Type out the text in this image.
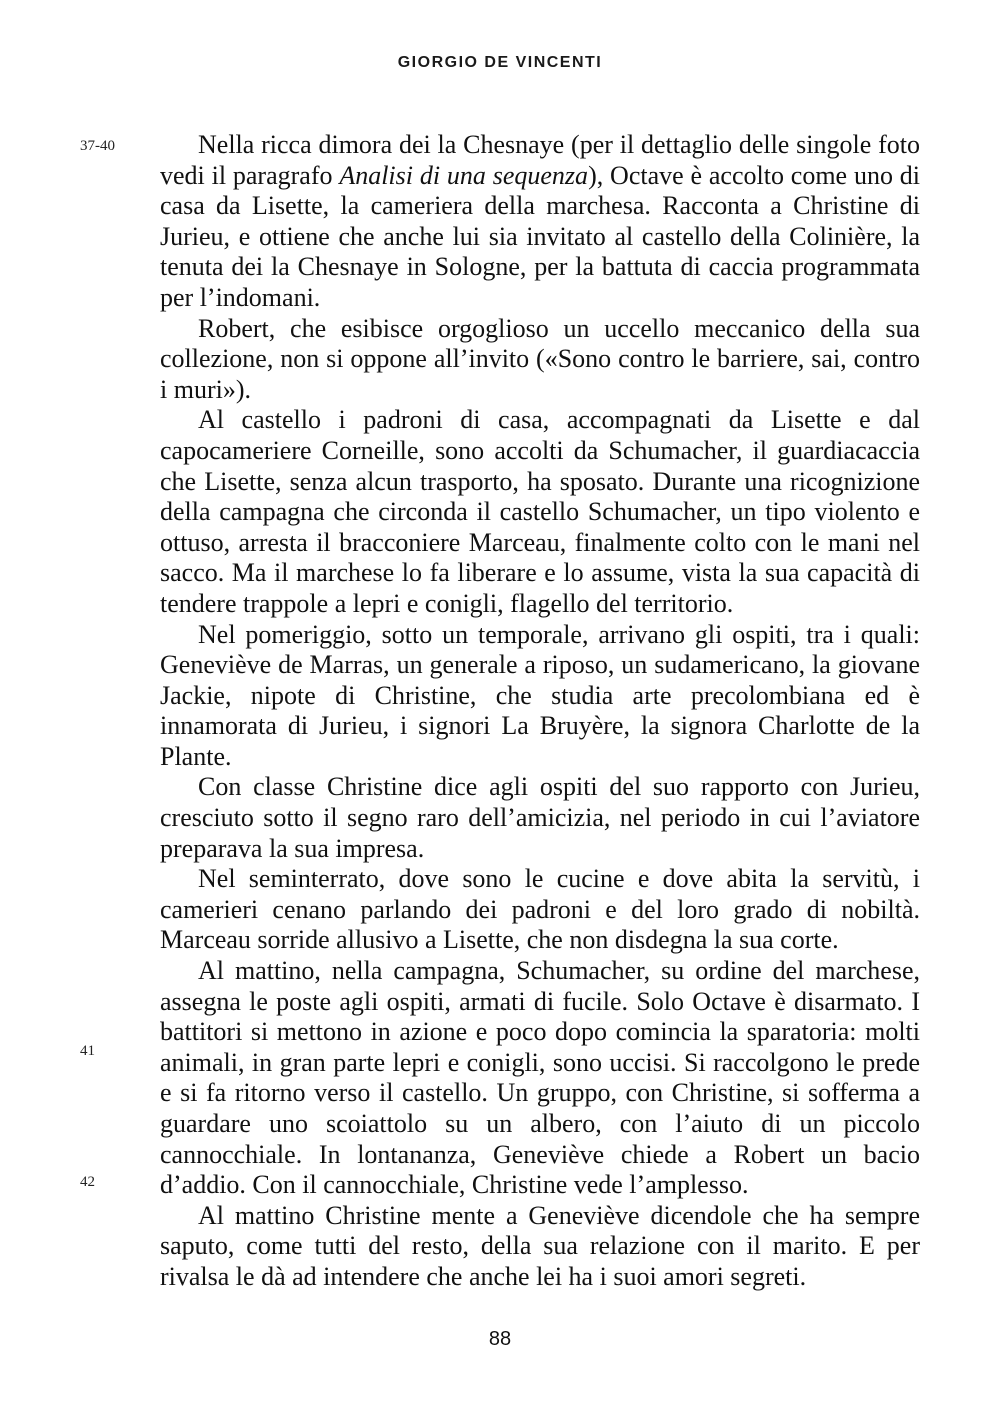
GIORGIO DE VINCENTI
37-40
41
42

Nella ricca dimora dei la Chesnaye (per il dettaglio delle singole foto vedi il paragrafo Analisi di una sequenza), Octave è accolto come uno di casa da Lisette, la cameriera della marchesa. Racconta a Christine di Jurieu, e ottiene che anche lui sia invitato al castello della Colinière, la tenuta dei la Chesnaye in Sologne, per la battuta di caccia programmata per l’indomani.

Robert, che esibisce orgoglioso un uccello meccanico della sua collezione, non si oppone all’invito («Sono contro le barriere, sai, contro i muri»).

Al castello i padroni di casa, accompagnati da Lisette e dal capocameriere Corneille, sono accolti da Schumacher, il guardiacaccia che Lisette, senza alcun trasporto, ha sposato. Durante una ricognizione della campagna che circonda il castello Schumacher, un tipo violento e ottuso, arresta il bracconiere Marceau, finalmente colto con le mani nel sacco. Ma il marchese lo fa liberare e lo assume, vista la sua capacità di tendere trappole a lepri e conigli, flagello del territorio.

Nel pomeriggio, sotto un temporale, arrivano gli ospiti, tra i quali: Geneviève de Marras, un generale a riposo, un sudamericano, la giovane Jackie, nipote di Christine, che studia arte precolombiana ed è innamorata di Jurieu, i signori La Bruyère, la signora Charlotte de la Plante.

Con classe Christine dice agli ospiti del suo rapporto con Jurieu, cresciuto sotto il segno raro dell’amicizia, nel periodo in cui l’aviatore preparava la sua impresa.

Nel seminterrato, dove sono le cucine e dove abita la servitù, i camerieri cenano parlando dei padroni e del loro grado di nobiltà. Marceau sorride allusivo a Lisette, che non disdegna la sua corte.

Al mattino, nella campagna, Schumacher, su ordine del marchese, assegna le poste agli ospiti, armati di fucile. Solo Octave è disarmato. I battitori si mettono in azione e poco dopo comincia la sparatoria: molti animali, in gran parte lepri e conigli, sono uccisi. Si raccolgono le prede e si fa ritorno verso il castello. Un gruppo, con Christine, si sofferma a guardare uno scoiattolo su un albero, con l’aiuto di un piccolo cannocchiale. In lontananza, Geneviève chiede a Robert un bacio d’addio. Con il cannocchiale, Christine vede l’amplesso.

Al mattino Christine mente a Geneviève dicendole che ha sempre saputo, come tutti del resto, della sua relazione con il marito. E per rivalsa le dà ad intendere che anche lei ha i suoi amori segreti.

88
